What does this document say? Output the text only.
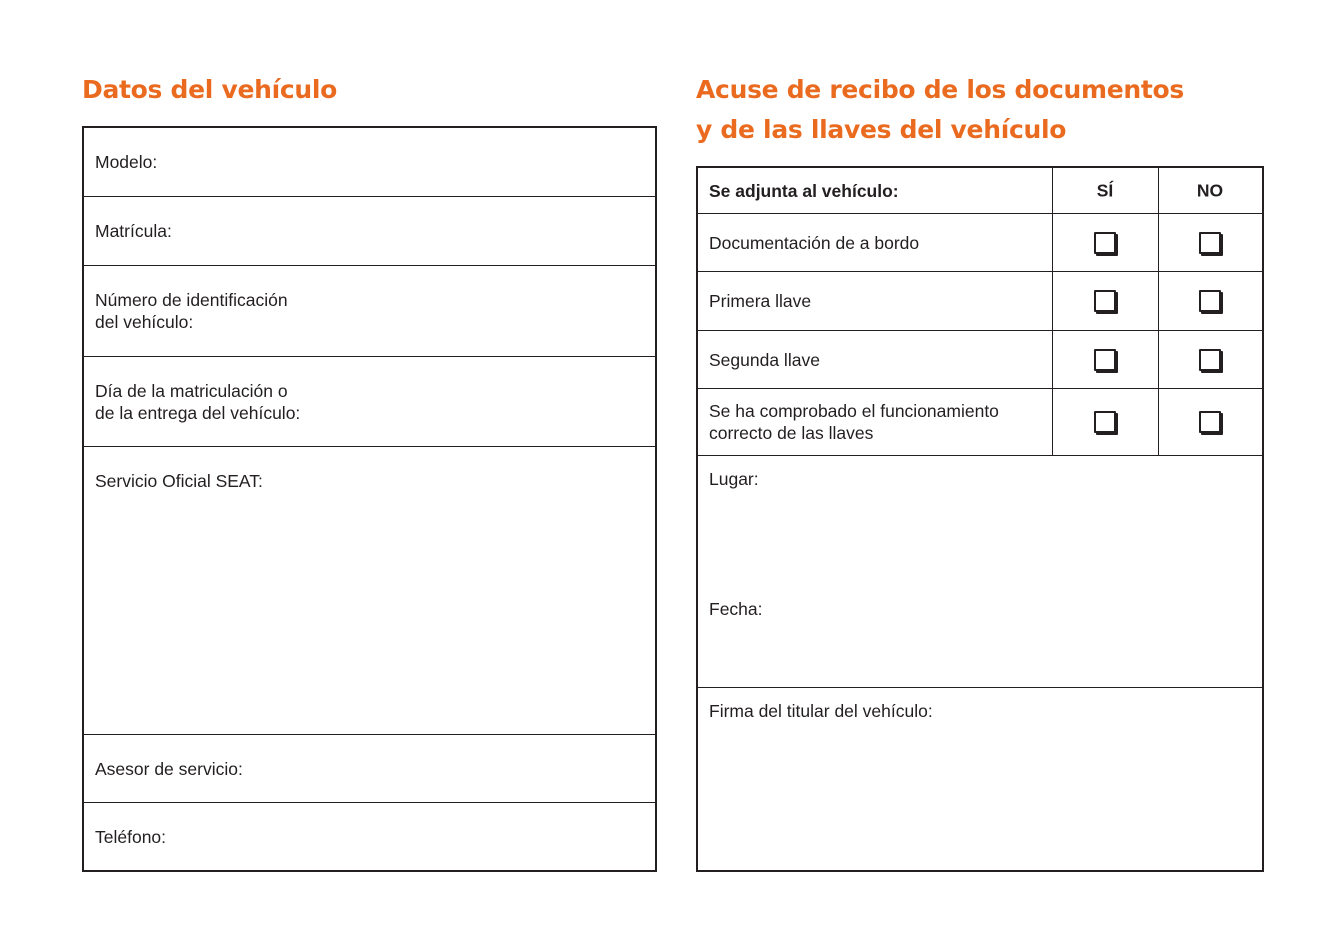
Datos del vehículo
Modelo:
Matrícula:
Número de identificación
del vehículo:
Día de la matriculación o
de la entrega del vehículo:
Servicio Oficial SEAT:
Asesor de servicio:
Teléfono:
Acuse de recibo de los documentos
y de las llaves del vehículo
Se adjunta al vehículo:	SÍ	NO
Documentación de a bordo
Primera llave
Segunda llave
Se ha comprobado el funcionamiento
correcto de las llaves
Lugar:
Fecha:
Firma del titular del vehículo:
